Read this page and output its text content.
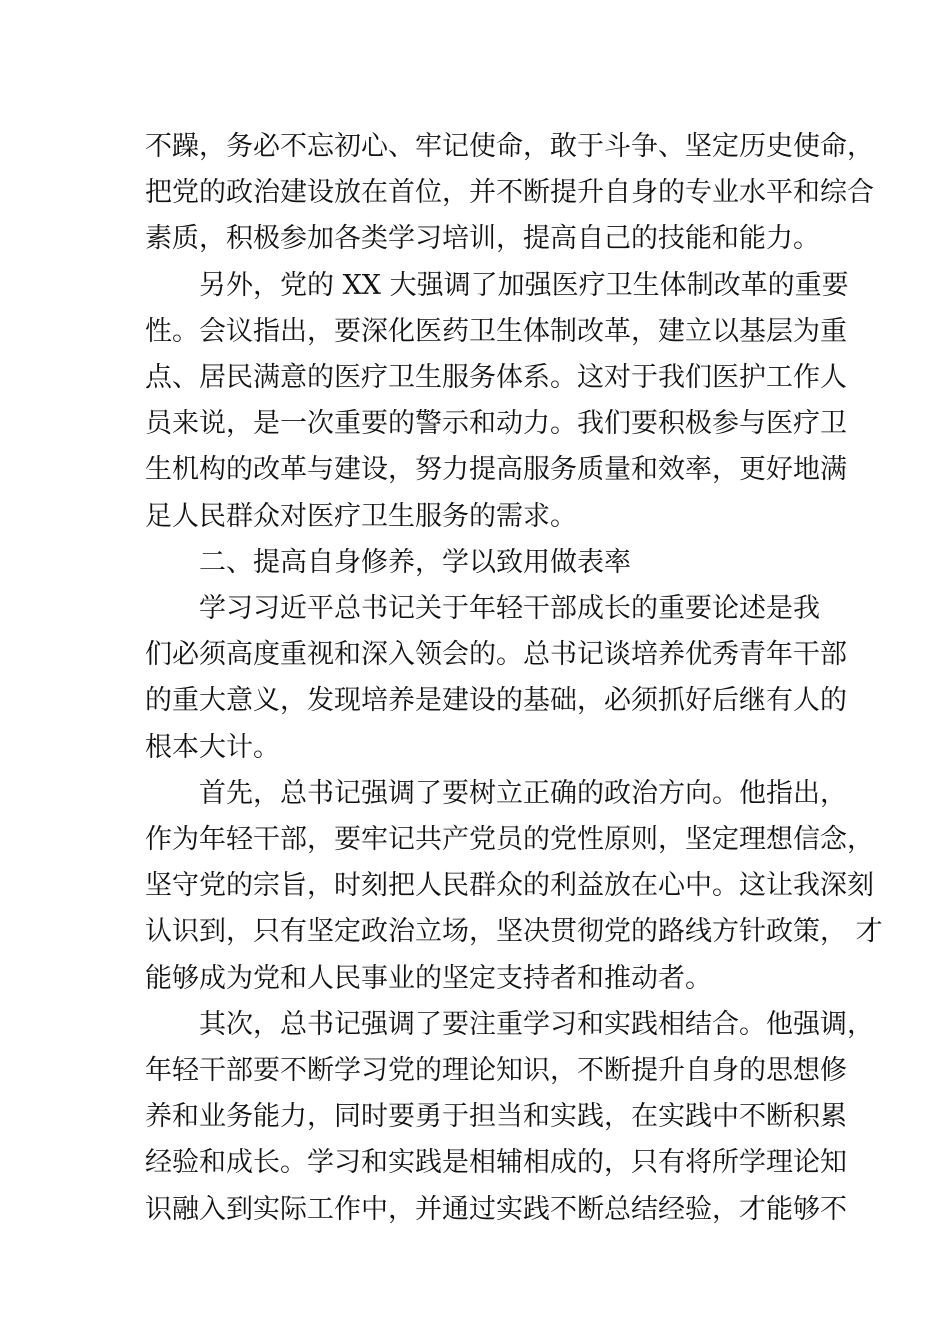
不躁，务必不忘初心、牢记使命，敢于斗争、坚定历史使命，
把党的政治建设放在首位，并不断提升自身的专业水平和综合
素质，积极参加各类学习培训，提高自己的技能和能力。

另外，党的 XX 大强调了加强医疗卫生体制改革的重要
性。会议指出，要深化医药卫生体制改革，建立以基层为重
点、居民满意的医疗卫生服务体系。这对于我们医护工作人
员来说，是一次重要的警示和动力。我们要积极参与医疗卫
生机构的改革与建设，努力提高服务质量和效率，更好地满
足人民群众对医疗卫生服务的需求。

二、提高自身修养，学以致用做表率

学习习近平总书记关于年轻干部成长的重要论述是我
们必须高度重视和深入领会的。总书记谈培养优秀青年干部
的重大意义，发现培养是建设的基础，必须抓好后继有人的
根本大计。

首先，总书记强调了要树立正确的政治方向。他指出，
作为年轻干部，要牢记共产党员的党性原则，坚定理想信念，
坚守党的宗旨，时刻把人民群众的利益放在心中。这让我深刻
认识到，只有坚定政治立场，坚决贯彻党的路线方针政策， 才
能够成为党和人民事业的坚定支持者和推动者。

其次，总书记强调了要注重学习和实践相结合。他强调，
年轻干部要不断学习党的理论知识，不断提升自身的思想修
养和业务能力，同时要勇于担当和实践，在实践中不断积累
经验和成长。学习和实践是相辅相成的，只有将所学理论知
识融入到实际工作中，并通过实践不断总结经验，才能够不
